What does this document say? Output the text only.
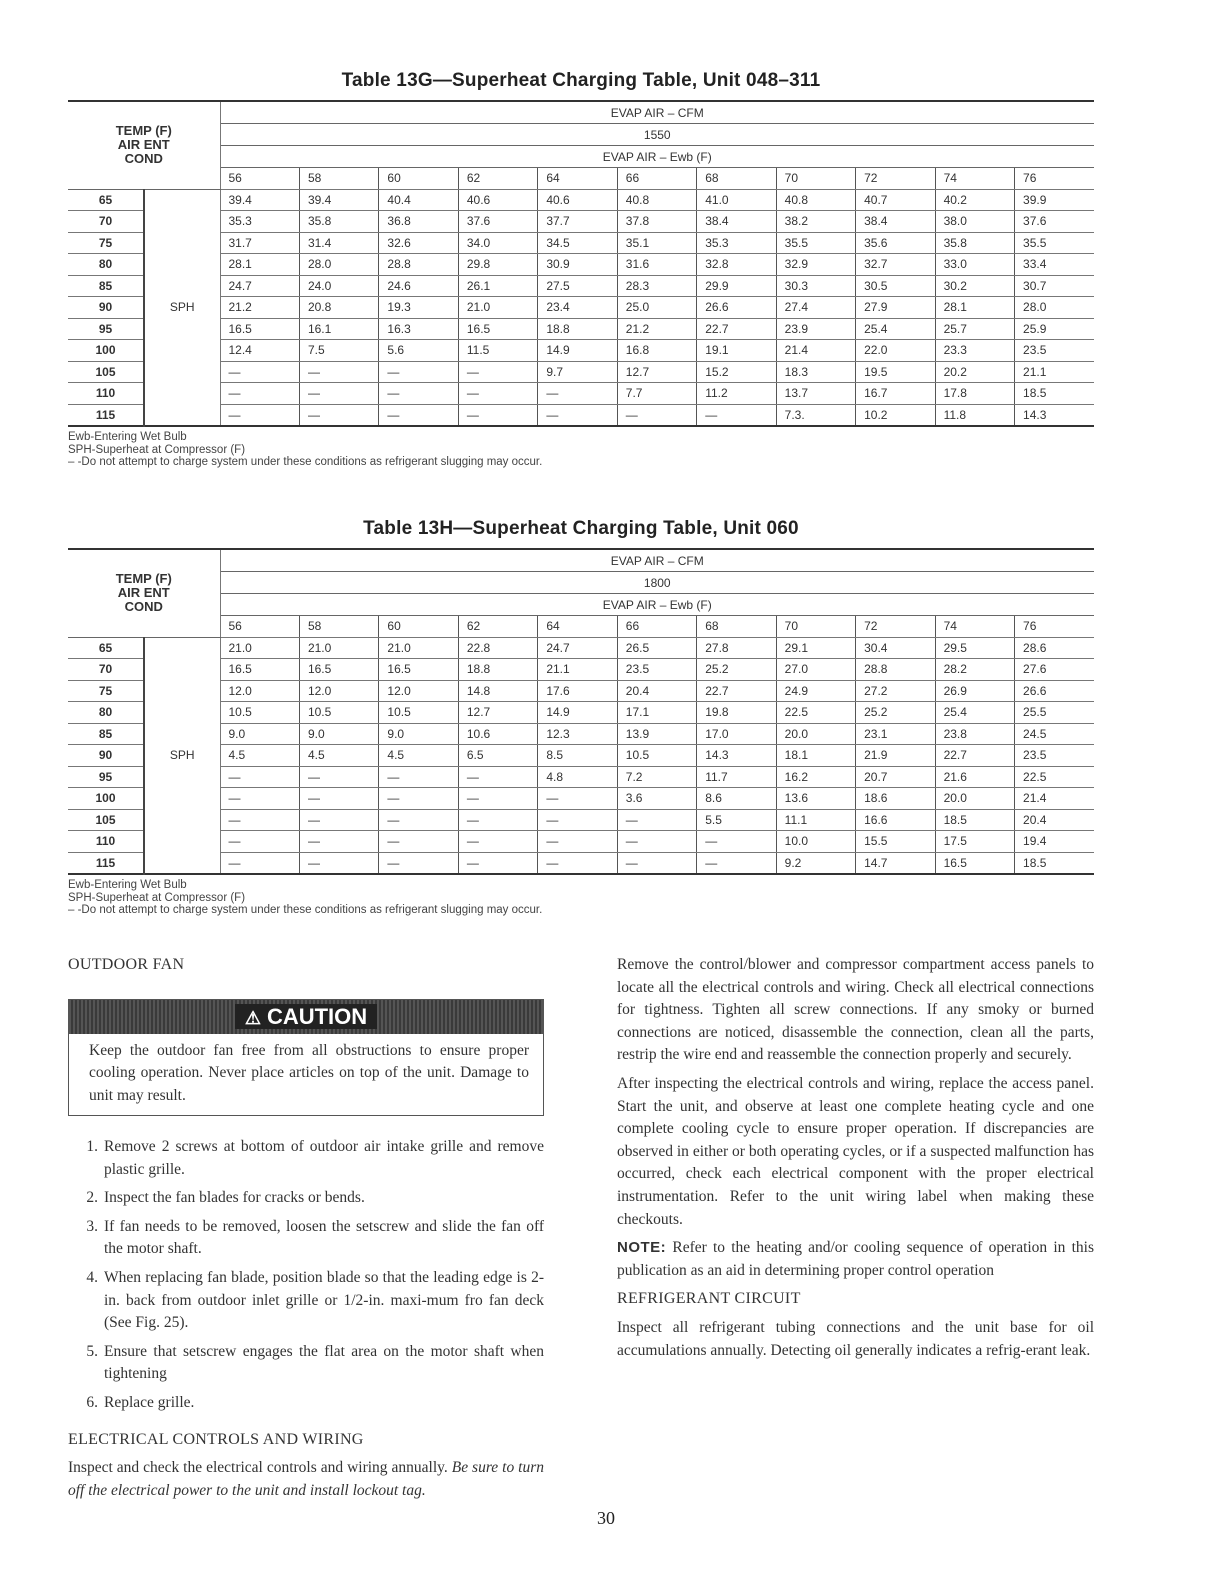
Table 13G—Superheat Charging Table, Unit 048–311
TEMP (F)
AIR ENT
COND		EVAP AIR – CFM										
		1550										
		EVAP AIR – Ewb (F)										
		56	58	60	62	64	66	68	70	72	74	76
65	SPH	39.4	39.4	40.4	40.6	40.6	40.8	41.0	40.8	40.7	40.2	39.9
70		35.3	35.8	36.8	37.6	37.7	37.8	38.4	38.2	38.4	38.0	37.6
75		31.7	31.4	32.6	34.0	34.5	35.1	35.3	35.5	35.6	35.8	35.5
80		28.1	28.0	28.8	29.8	30.9	31.6	32.8	32.9	32.7	33.0	33.4
85		24.7	24.0	24.6	26.1	27.5	28.3	29.9	30.3	30.5	30.2	30.7
90		21.2	20.8	19.3	21.0	23.4	25.0	26.6	27.4	27.9	28.1	28.0
95		16.5	16.1	16.3	16.5	18.8	21.2	22.7	23.9	25.4	25.7	25.9
100		12.4	7.5	5.6	11.5	14.9	16.8	19.1	21.4	22.0	23.3	23.5
105		—	—	—	—	9.7	12.7	15.2	18.3	19.5	20.2	21.1
110		—	—	—	—	—	7.7	11.2	13.7	16.7	17.8	18.5
115		—	—	—	—	—	—	—	7.3.	10.2	11.8	14.3
Ewb-Entering Wet Bulb
SPH-Superheat at Compressor (F)
– -Do not attempt to charge system under these conditions as refrigerant slugging may occur.
Table 13H—Superheat Charging Table, Unit 060
TEMP (F)
AIR ENT
COND		EVAP AIR – CFM										
		1800										
		EVAP AIR – Ewb (F)										
		56	58	60	62	64	66	68	70	72	74	76
65	SPH	21.0	21.0	21.0	22.8	24.7	26.5	27.8	29.1	30.4	29.5	28.6
70		16.5	16.5	16.5	18.8	21.1	23.5	25.2	27.0	28.8	28.2	27.6
75		12.0	12.0	12.0	14.8	17.6	20.4	22.7	24.9	27.2	26.9	26.6
80		10.5	10.5	10.5	12.7	14.9	17.1	19.8	22.5	25.2	25.4	25.5
85		9.0	9.0	9.0	10.6	12.3	13.9	17.0	20.0	23.1	23.8	24.5
90		4.5	4.5	4.5	6.5	8.5	10.5	14.3	18.1	21.9	22.7	23.5
95		—	—	—	—	4.8	7.2	11.7	16.2	20.7	21.6	22.5
100		—	—	—	—	—	3.6	8.6	13.6	18.6	20.0	21.4
105		—	—	—	—	—	—	5.5	11.1	16.6	18.5	20.4
110		—	—	—	—	—	—	—	10.0	15.5	17.5	19.4
115		—	—	—	—	—	—	—	9.2	14.7	16.5	18.5
Ewb-Entering Wet Bulb
SPH-Superheat at Compressor (F)
– -Do not attempt to charge system under these conditions as refrigerant slugging may occur.
OUTDOOR FAN
⚠ CAUTION
Keep the outdoor fan free from all obstructions to ensure proper cooling operation. Never place articles on top of the unit. Damage to unit may result.
1. Remove 2 screws at bottom of outdoor air intake grille and remove plastic grille.
2. Inspect the fan blades for cracks or bends.
3. If fan needs to be removed, loosen the setscrew and slide the fan off the motor shaft.
4. When replacing fan blade, position blade so that the leading edge is 2-in. back from outdoor inlet grille or 1/2-in. maxi-mum fro fan deck (See Fig. 25).
5. Ensure that setscrew engages the flat area on the motor shaft when tightening
6. Replace grille.
ELECTRICAL CONTROLS AND WIRING

Inspect and check the electrical controls and wiring annually. Be sure to turn off the electrical power to the unit and install lockout tag.

Remove the control/blower and compressor compartment access panels to locate all the electrical controls and wiring. Check all electrical connections for tightness. Tighten all screw connections. If any smoky or burned connections are noticed, disassemble the connection, clean all the parts, restrip the wire end and reassemble the connection properly and securely.

After inspecting the electrical controls and wiring, replace the access panel. Start the unit, and observe at least one complete heating cycle and one complete cooling cycle to ensure proper operation. If discrepancies are observed in either or both operating cycles, or if a suspected malfunction has occurred, check each electrical component with the proper electrical instrumentation. Refer to the unit wiring label when making these checkouts.

NOTE: Refer to the heating and/or cooling sequence of operation in this publication as an aid in determining proper control operation

REFRIGERANT CIRCUIT

Inspect all refrigerant tubing connections and the unit base for oil accumulations annually. Detecting oil generally indicates a refrig-erant leak.

30
